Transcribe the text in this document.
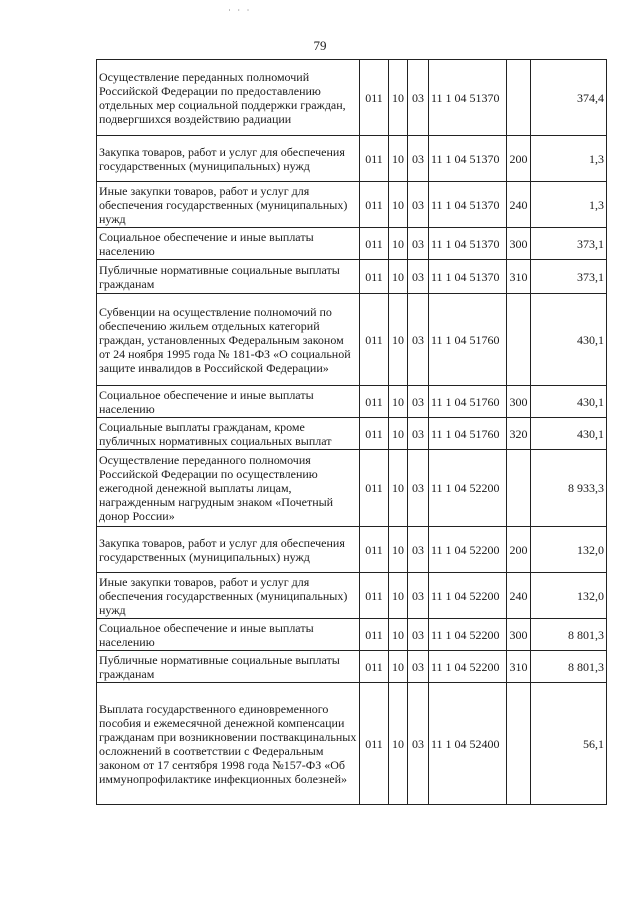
˙ ˙ ˙
79
Осуществление переданных полномочий Российской Федерации по предоставлению отдельных мер социальной поддержки граждан, подвергшихся воздействию радиации	011	10	03	11 1 04 51370		374,4
Закупка товаров, работ и услуг для обеспечения государственных (муниципальных) нужд	011	10	03	11 1 04 51370	200	1,3
Иные закупки товаров, работ и услуг для обеспечения государственных (муниципальных) нужд	011	10	03	11 1 04 51370	240	1,3
Социальное обеспечение и иные выплаты населению	011	10	03	11 1 04 51370	300	373,1
Публичные нормативные социальные выплаты гражданам	011	10	03	11 1 04 51370	310	373,1
Субвенции на осуществление полномочий по обеспечению жильем отдельных категорий граждан, установленных Федеральным законом от 24 ноября 1995 года № 181-ФЗ «О социальной защите инвалидов в Российской Федерации»	011	10	03	11 1 04 51760		430,1
Социальное обеспечение и иные выплаты населению	011	10	03	11 1 04 51760	300	430,1
Социальные выплаты гражданам, кроме публичных нормативных социальных выплат	011	10	03	11 1 04 51760	320	430,1
Осуществление переданного полномочия Российской Федерации по осуществлению ежегодной денежной выплаты лицам, награжденным нагрудным знаком «Почетный донор России»	011	10	03	11 1 04 52200		8 933,3
Закупка товаров, работ и услуг для обеспечения государственных (муниципальных) нужд	011	10	03	11 1 04 52200	200	132,0
Иные закупки товаров, работ и услуг для обеспечения государственных (муниципальных) нужд	011	10	03	11 1 04 52200	240	132,0
Социальное обеспечение и иные выплаты населению	011	10	03	11 1 04 52200	300	8 801,3
Публичные нормативные социальные выплаты гражданам	011	10	03	11 1 04 52200	310	8 801,3
Выплата государственного единовременного пособия и ежемесячной денежной компенсации гражданам при возникновении поствакцинальных осложнений в соответствии с Федеральным законом от 17 сентября 1998 года №157-ФЗ «Об иммунопрофилактике инфекционных болезней»	011	10	03	11 1 04 52400		56,1
